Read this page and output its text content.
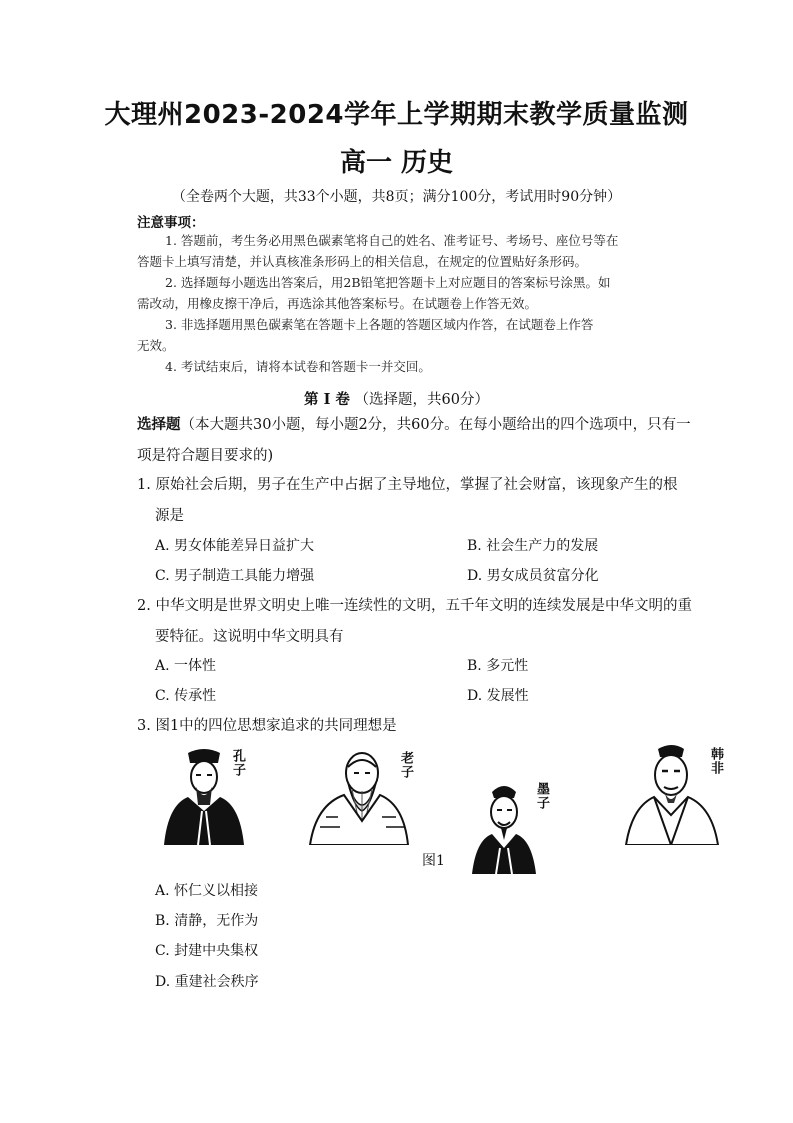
大理州2023-2024学年上学期期末教学质量监测
高一 历史
（全卷两个大题，共33个小题，共8页；满分100分，考试用时90分钟）
注意事项：
1. 答题前，考生务必用黑色碳素笔将自己的姓名、准考证号、考场号、座位号等在
答题卡上填写清楚，并认真核准条形码上的相关信息，在规定的位置贴好条形码。
2. 选择题每小题选出答案后，用2B铅笔把答题卡上对应题目的答案标号涂黑。如
需改动，用橡皮擦干净后，再选涂其他答案标号。在试题卷上作答无效。
3. 非选择题用黑色碳素笔在答题卡上各题的答题区域内作答，在试题卷上作答
无效。
4. 考试结束后，请将本试卷和答题卡一并交回。
第 I 卷 （选择题，共60分）
选择题（本大题共30小题，每小题2分，共60分。在每小题给出的四个选项中，只有一
项是符合题目要求的)
1. 原始社会后期，男子在生产中占据了主导地位，掌握了社会财富，该现象产生的根
源是
A. 男女体能差异日益扩大	B. 社会生产力的发展
C. 男子制造工具能力增强	D. 男女成员贫富分化
2. 中华文明是世界文明史上唯一连续性的文明，五千年文明的连续发展是中华文明的重
要特征。这说明中华文明具有
A. 一体性	B. 多元性
C. 传承性	D. 发展性
3. 图1中的四位思想家追求的共同理想是
孔子	老子
墨子
韩非
图1
A. 怀仁义以相接
B. 清静，无作为
C. 封建中央集权
D. 重建社会秩序
